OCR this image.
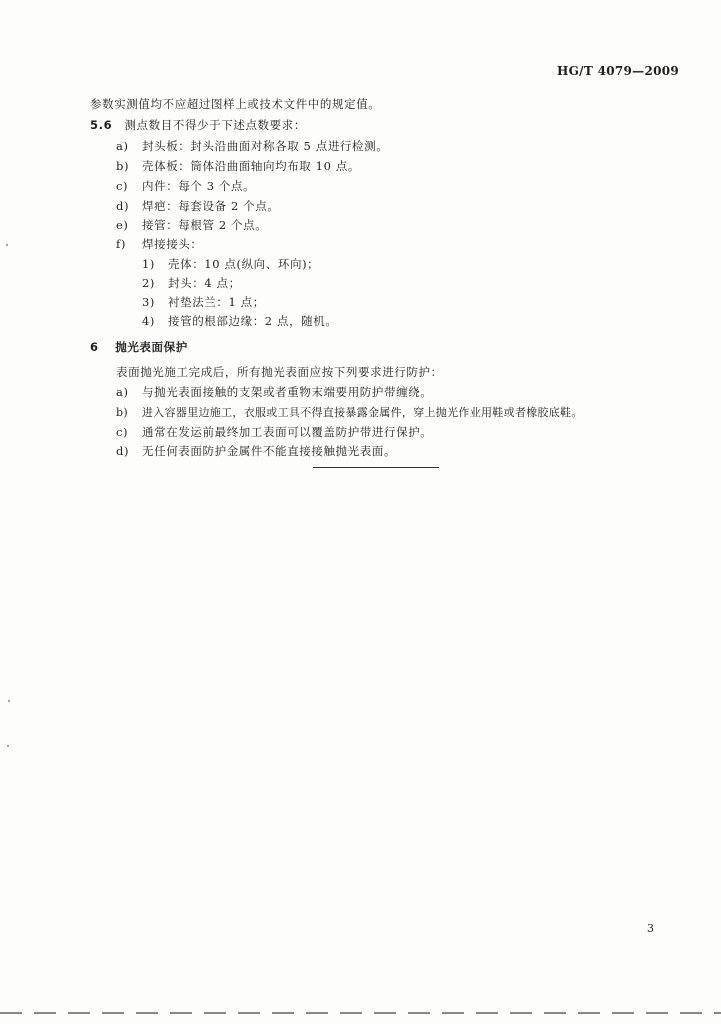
HG/T 4079—2009
参数实测值均不应超过图样上或技术文件中的规定值。
5.6 测点数目不得少于下述点数要求：
a) 封头板：封头沿曲面对称各取 5 点进行检测。
b) 壳体板：筒体沿曲面轴向均布取 10 点。
c) 内件：每个 3 个点。
d) 焊疤：每套设备 2 个点。
e) 接管：每根管 2 个点。
f) 焊接接头：
1) 壳体：10 点(纵向、环向)；
2) 封头：4 点；
3) 衬垫法兰：1 点；
4) 接管的根部边缘：2 点，随机。
6 抛光表面保护
表面抛光施工完成后，所有抛光表面应按下列要求进行防护：
a) 与抛光表面接触的支架或者重物末端要用防护带缠绕。
b) 进入容器里边施工，衣服或工具不得直接暴露金属件，穿上抛光作业用鞋或者橡胶底鞋。
c) 通常在发运前最终加工表面可以覆盖防护带进行保护。
d) 无任何表面防护金属件不能直接接触抛光表面。
3
